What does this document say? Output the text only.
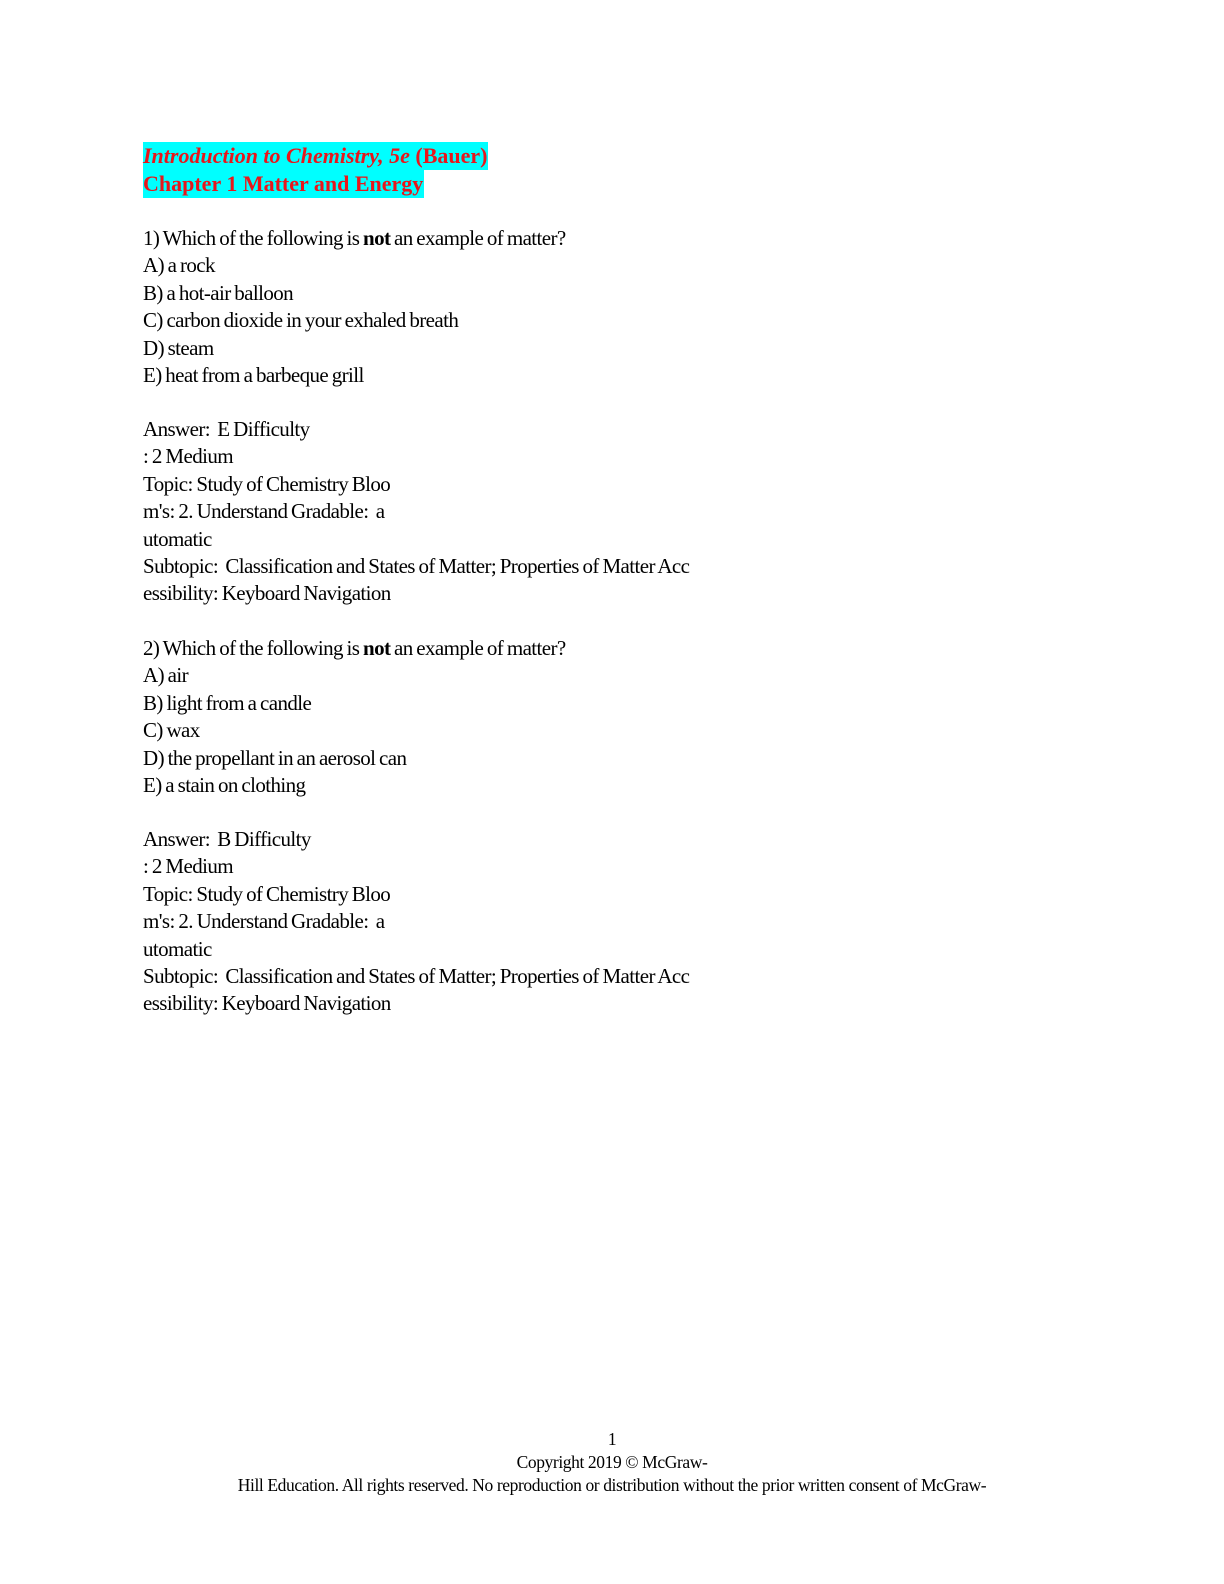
Introduction to Chemistry, 5e (Bauer)
Chapter 1 Matter and Energy
1) Which of the following is not an example of matter?
A) a rock
B) a hot-air balloon
C) carbon dioxide in your exhaled breath
D) steam
E) heat from a barbeque grill
Answer:  E Difficulty
: 2 Medium
Topic: Study of Chemistry Bloo
m's: 2. Understand Gradable:  a
utomatic
Subtopic:  Classification and States of Matter; Properties of Matter Acc
essibility: Keyboard Navigation
2) Which of the following is not an example of matter?
A) air
B) light from a candle
C) wax
D) the propellant in an aerosol can
E) a stain on clothing
Answer:  B Difficulty
: 2 Medium
Topic: Study of Chemistry Bloo
m's: 2. Understand Gradable:  a
utomatic
Subtopic:  Classification and States of Matter; Properties of Matter Acc
essibility: Keyboard Navigation
1
Copyright 2019 © McGraw-
Hill Education. All rights reserved. No reproduction or distribution without the prior written consent of McGraw-
